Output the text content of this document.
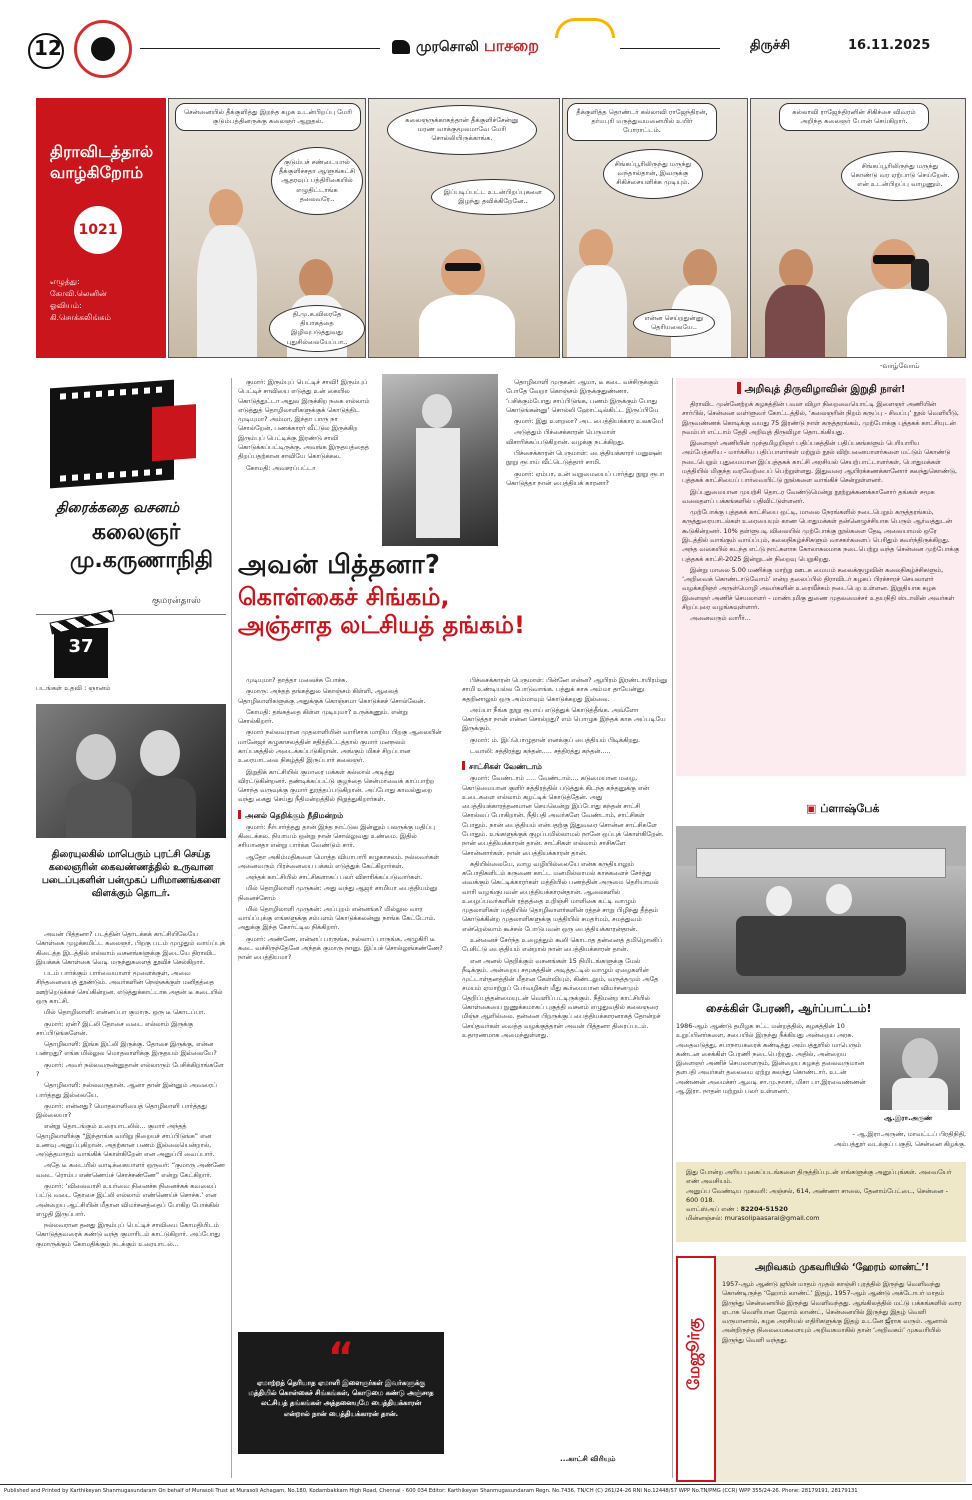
12	முரசொலி பாசறை	திருச்சி	16.11.2025
திராவிடத்தால் வாழ்கிறோம்
1021
எழுத்து:
கோவி.லெனின்
ஓவியம்:
கி.சொக்கலிங்கம்
சென்னையில் தீக்குளித்து இறந்த கழக உடன்பிறப்பு மேரி குடும்பத்தினருக்கு கலைஞர் ஆறுதல்.
குடும்பச் சண்டையால் தீக்குளிச்சதா ஆளுங்கட்சி ஆதரவுப் பத்திரிகையில் எழுதிட்டாங்க தலைவரே..
தி.மு.க.விலரதே தியாகத்தை இழிவுபடுத்துவது புதுசில்லையேப்பா..
கலைஞருக்காகத்தான் தீக்குளிச்சேன்னு மரண வாக்குமூலமாவே மேரி சொல்லியிருக்காங்க.
இப்படிப்பட்ட உடன்பிறப்புகளை இழந்து தவிக்கிறேனே..
தீக்குளித்த தொண்டர் கல்லாவி ராஜேந்திரன், தர்மபுரி மருத்துவமனையில் உயிர் போராட்டம்.
சிங்கப்பூரிலிருந்து மருந்து வந்தால்தான், இவருக்கு சிகிச்சையளிக்க முடியும்.
என்ன செய்றதுன்னு தெரியலையே..
கல்லாவி ராஜேந்திரனின் சிகிச்சை விவரம் அறிந்த கலைஞர் போன் செய்கிறார்.
சிங்கப்பூரிலிருந்து மருந்து கொண்டு வர ஏற்பாடு செய்றேன். என் உடன்பிறப்பு வாழணும்.
-வாழ்வோம்
திரைக்கதை வசனம்
கலைஞர்
மு.கருணாநிதி
குமரன்தாஸ்
37
படங்கள் உதவி : ஞானம்
திரையுலகில் மாபெரும் புரட்சி செய்த கலைஞரின் கைவண்ணத்தில் உருவான படைப்புகளின் பன்முகப் பரிமாணங்களை விளக்கும் தொடர்.

அவன் பித்தனா? படத்தின் தொடக்கக் காட்சியிலேயே கொள்கை முழக்கமிட்ட கலைஞர், பிறகு படம் முழுதும் வாய்ப்புக் கிடைத்த இடத்தில் எல்லாம் வசனங்களுக்கு இடையே திராவிட இயக்கக் கொள்கை வெடி மருந்துகளைத் தூவிச் செல்கிறார்.

படம் பார்க்கும் பார்வையாளர் மூளைக்குள், அவை சிந்தனையைத் தூண்டும். அவர்களின் நெஞ்சுக்குள் மனிதத்தை ஊற்றெடுக்கச் செய்கின்றன. எடுத்துக்காட்டாக அதன் டீ கடையில் ஒரு காட்சி.

மில் தொழிலாளி: என்னப்பா குமாரு. ஒரு டீ கொடப்பா.

குமார்: ஏன்? இட்லி தோசை வடை எல்லாம் இருக்கு சாப்பிடுங்களேன்.

தொழிலாளி: இங்க இட்லி இருக்கு. தோசை இருக்கு, என்ன பண்றது? எங்க மில்லுல மொதலாளிக்கு இருதயம் இல்லையே?

குமார்: அவர் நல்லவருன்னுதான் எல்லாரும் பேசிக்கிறாங்களே ?

தொழிலாளி: நல்லவருதான். ஆனா தான் இன்னும் அவரைப் பார்த்தது இல்லையே.

குமார்: என்னது? மொதலாளியைத் தொழிலாளி பார்த்தது இல்லையா?

என்று தொடங்கும் உரையாடலில்... குமார் அந்தத் தொழிலாளிக்கு “இந்தாங்க வயிறு நிறையச் சாப்பிடுங்க” என உணவு அனுப்புகிறான். அதற்கான பணம் இல்லையென்றால், அடுத்தமாதம் வாங்கிக் கொள்கிறேன் என அனுப்பி வைப்பார்.

அதே டீ கடையில் வாடிக்கையாளர் ஒருவர்: “குமாரு அண்ணே வடை ரொம்ப எண்ணெய்ச் சொச்சண்ணே” என்று கேட்கிறார்.

குமார்: ‘விலைவாசி உயர்வை நினைச்சு நினைச்சுக் கவலைப் பட்டு வடை தோசை இட்லி எல்லாம் எண்ணெய்ச் சொச்சு.’ என அன்றைய ஆட்சியின் மீதான விமர்சனத்தைப் போகிற போக்கில் எழுதி இருப்பார்.

நல்லவரான தனது இரும்புப் பெட்டிச் சாவியை கோமதியிடம் கொடுத்தவரைக் கண்டு வந்த குமாரிடம் காட்டுகிறார். அப்போது குமாருக்கும் கோமதிக்கும் நடக்கும் உரையாடல்...

குமார்: இரும்புப் பெட்டிச் சாவி! இரும்புப் பெட்டிச் சாவியை எடுத்து உன் கையில கொடுத்துட்டா அதுல இருக்கிற நகை எல்லாம் எடுத்துத் தொழிலாளிகளுக்குக் கொடுத்திட முடியுமா? அம்மா, இந்தா பாரு நா சொல்றேன், பணக்காரர் வீட்டுல இருக்கிற இரும்புப் பெட்டிக்கு இரண்டு சாவி கொடுக்கப்பட்டிருக்கு. அவங்க இருதயத்தைத் திறப்பதற்கான சாவியே கொடுக்கல.

கோமதி: அவசரப்பட்டா

தொழிலாளி முருகன்: ஆமா, டீ கடை வச்சிருக்கும் போதே வேறா கொஞ்சம் இருக்குதுண்ணா. ‘பசிக்கும்போது சாப்பிடுங்க, பணம் இருக்கும் போது கொடுங்கன்னு’ சொல்லி ஹோட்டில்கிட்ட இருப்பியே

குமார்: இது உளறலா? அட பைத்தியக்கார உலகமே!

அடுத்தும் பிச்சைக்காரன் பெருமாள் விசாரிக்கப்படுகிறான். வழக்கு நடக்கிறது.

பிச்சைக்காரன் பெருமாள்: பைத்தியக்காரர் மனுஷன் நூறு ரூபாய் வீட்டெடுத்தார் சாமி.

குமார்: ஏம்பா, உன் வறுமையைப் பார்த்து நூறு ரூபா கொடுத்தா நான் பைத்தியக் காரனா?

அவன் பித்தனா?
கொள்கைச் சிங்கம்,
அஞ்சாத லட்சியத் தங்கம்!

முடியுமா? தாத்தா மலைச்சு போச்சு.

குமாரு: அந்தத் தங்கத்துல கொஞ்சம் கிள்ளி, ஆலைத் தொழிலாளிகளுக்கு அதுக்குக் கொஞ்சமா கொடுக்கச் சொல்லேன்.

கோமதி: தங்கத்தை கிள்ள முடியுமா? உருக்கணும். என்று சொல்கிறார்.

குமார் நல்லவரான முதலாளியின் வாரிசாக மாறிய பிறகு ஆலையின் மானேஜர் கழுகாசலத்தின் சதித்திட்டத்தால் குமார் மனநலம் காப்பகத்தில் அடைக்கப்படுகிறான். அங்கும் மிகச் சிறப்பான உரையாடலை நிகழ்த்தி இருப்பார் கலைஞர்.

இறுதிக் காட்சியில் குமாரை மக்கள் கல்லால் அடித்து விரட்டுகின்றனர். தண்டிக்கப்பட்டு குழந்தை சென்மாவைக் காப்பாற்ற சொந்த வருவுக்கு குமார் துரத்தப்படுகிறான். அப்போது காவல்துறை வந்து கைது செய்து நீதிமன்றத்தில் நிறுத்துகிறார்கள்.

அனல் தெறிக்கும் நீதிமன்றம்

குமார்: நீர்பார்த்தது தான் இந்த நாட்டுல இன்னும் பலருக்கு மதிப்பு கிடைக்கல. நியாயம் ஒன்று நான் சொல்லுவது உண்மை. இதில் சரியானதா என்று பார்க்க வேண்டும் சார்.

ஆதோ அகிம்மதிகளை மொத்த வியாபாரி கழுகாசலம். நல்லவர்கள் அனைவரும் பிரச்னையை பக்கம் எடுத்துக் கேட்கிறார்கள்.

அந்தக் காட்சியில் சாட்சிகளாகப் பலர் விசாரிக்கப்படுவார்கள்.

மில் தொழிலாளி முருகன்: அது வந்து ஆஜர் சாமியா பைத்தியம்னு நினைச்சோம்

மில் தொழிலாளி முருகன்: அப்புறம் என்னங்க? மில்லுல வார வாய்ப்புக்கு எங்களுக்கு சம்பளம் கொடுக்கலன்னு நாங்க கேட்டோம். அதுக்கு இந்த கோர்ட்டில நிக்கிறார்.

குமார்: அண்ணே, என்னப் பாருங்க, நல்லாப் பாருங்க, அழுகிரி டீ கடை வச்சிருந்தேனே அந்தக் குமாரு நானு. இப்பச் சொல்லுங்கண்ணே? நான் பைத்தியமா?

பிச்சைக்காரன் பெருமாள்: பின்னே என்ன? ஆயிரம் இரண்டாயிரம்னு சாமி உண்டியல்ல போடுவாங்க. பத்துக் காசு அம்மா தாயேன்னு கதறினாலும் ஒரு அம்மாவும் கொடுக்கறது இல்லை.

அய்யா நீங்க நூறு ரூபாய் எடுத்துக் கொடுத்தீங்க. அவ்ளோ கொடுத்தா நான் என்ன சொல்றது? எம் பொழுசு இந்தக் காசு அப்படியே இருக்கும்.

குமார்: ம். இப்பொழுதான் எனக்குப் பைத்தியம் பிடிக்கிறது.

டவாலி: சத்திரத்து கந்தன்..... சத்திரத்து கந்தன்.....

சாட்சிகள் வேண்டாம்

குமார்: வேண்டாம் ..... வேண்டாம்.... கடுமையான மழை, கொடுமையான குளிர் சத்திரத்தில் படுத்துக் கிடந்த கந்தனுக்கு என் உடைகளை எல்லாம் கழட்டிக் கொடுத்தேன். அது பைத்தியக்காரத்தனமான செயலென்று இப்போது கந்தன் சாட்சி சொல்லப் போகிறான். நீதிபதி அவர்களே வேண்டாம், சாட்சிகள் போதும். நான் பைத்தியம் என்பதற்கு இதுவரை சொன்ன சாட்சிகளே போதும். உங்களுக்குக் குழப்பமில்லாமல் நானே ஒப்புக் கொள்கிறேன். நான் பைத்தியக்காரன் தான். சாட்சிகள் எல்லாம் சாசிகளே சொன்னார்கள். நான் பைத்தியக்காரன் தான்.

கதியில்லையே, வாழ வழியில்லையே என்க கருதியாலும் கபோதிகளிடம் கருணை காட்ட மனமில்லாமல் காசுகளைச் சேர்த்து வைக்கும் கெட்டிக்காரர்கள் மத்தியில் பணத்தின் அருமை தெரியாமல் வாரி வழங்குபவன் பைத்தியக்காரன்தான். ஆலைகளில் உழைப்பவர்களின் ரத்தத்தை உறிஞ்சி மாளிகை கட்டி வாழும் முதலாளிகள் மத்தியில் தொழிலாளர்களின் ரத்தச் சாறு பிழிந்து தீத்தம் கொடுக்கின்ற முதலாளிகளுக்கு மத்தியில் சமதர்மம், சமத்துவம் என்றெல்லாம் கூச்சல் போடுபவன் ஒரு பைத்தியக்காரன்தான்.

உன்னைச் சேர்ந்த உழைத்தும் கூலி கொடாத தன்னைத் தமிழொனிப் பேசிட்டு பைத்தியம் என்றால் நான் பைத்தியக்காரன் தான்.

என அனல் தெறிக்கும் வசனங்கள் 15 நிமிடங்களுக்கு மேல் நீடிக்கும். அன்றைய சமூகத்தின் அடித்தட்டில் வாழும் ஏழைகளின் முட்டாள்தனத்தின் மீதான கேள்வியும், கிண்டலும், வருத்தமும் அதே சமயம் ஏமாற்றுப் பேர்வழிகள் மீது கூர்மையான விமர்சனமும் தெறிப்புத்தன்மையுடன் வெளிப்பட்டிருக்கும். நீதிமன்ற காட்சியில் கொள்கையை நுணுக்கமாகப் புகுத்தி வசனம் எழுதுவதில் கலைஞரை மிஞ்ச ஆளில்லை. தன்னை பிறருக்குப் பைத்தியக்காரனாகத் தோன்றச் செய்தவர்கள் வைத்த வழக்குத்தான் அவன் பித்தனா திரைப்படம். உதாரணமாக அமைந்துள்ளது.

“
ஏமாற்றத் தெரியாத ஏமாளி இளைஞர்கள் இவர்களுக்கு மத்தியில் கொள்கைச் சிங்கங்கள், கொடுமை கண்டு அஞ்சாத லட்சியத் தங்கங்கள் அத்தனையுமே பைத்தியக்காரன் என்றால் நான் பைத்தியக்காரன் தான்.
...காட்சி விரியும்
அறிவுத் திருவிழாவின் இறுதி நாள்!

திராவிட முன்னேற்றக் கழகத்தின் பவள விழா நிறைவையொட்டி இளைஞர் அணியின் சார்பில், சென்னை வள்ளுவர் கோட்டத்தில், ‘கலைஞரின் நிறம் கருப்பு - சிவப்பு’ நூல் வெளியீடு, இருவண்ணக் கொடிக்கு வயது 75 இரண்டு நாள் கருத்தரங்கம், முற்போக்கு புத்தகக் காட்சியுடன் நவம்பர் எட்டாம் தேதி அறிவுத் திருவிழா தொடங்கியது.

இளைஞர் அணியின் முந்தமிழறிஞர் பதிப்பகத்தின் பதிப்பகங்களும் பெரியாரிய அம்பேத்கரிய - மார்க்சிய பதிப்பாளர்கள் மற்றும் நூல் விற்பனையாளர்களை மட்டும் கொண்டு நடைபெறும் புதுமையான இப்புத்தகக் காட்சி அரசியல் செயற்பாட்டாளர்கள், பொதுமக்கள் மத்தியில் மிகுந்த வரவேற்பைப் பெற்றுள்ளது. இதுவரை ஆயிரக்கணக்கானோர் கலந்துகொண்டு, புத்தகக் காட்சியைப் பார்வையிட்டு நூல்களை வாங்கிச் சென்றுள்ளனர்.

இப்புதுமையான முயற்சி தொடர வேண்டுமென்று நூற்றுக்கணக்கானோர் தங்கள் சமூக வலைதளப் பக்கங்களில் பதிவிட்டுள்ளனர்.

முற்போக்கு புத்தகக் காட்சியை ஒட்டி, மாலை நேரங்களில் நடைபெறும் கருத்தரங்கம், கருத்துரையாடல்கள் உரையையும் காண பொதுமக்கள் தன்னெழுச்சியாக பெரும் ஆர்வத்துடன் கூடுகின்றனர். 10% தள்ளுபடி விலையில் முற்போக்கு நூல்களை தேடி அலையாமல் ஒரே இடத்தில் வாங்கும் வாய்ப்பும், கலைநிகழ்ச்சிகளும் வாசகர்களைப் பெரிதும் கவர்ந்திருக்கிறது. அந்த வகையில் கடந்த எட்டு நாட்களாக கோலாகலமாக நடைபெற்று வந்த சென்னை முற்போக்கு புத்தகக் காட்சி-2025 இன்றுடன் நிறைவு பெறுகிறது.

இன்று மாலை 5.00 மணிக்கு மாற்று ஊடக மையம் கலைக்குழுவின் கலைநிகழ்ச்சிகளும், ‘அறிவைக் கொண்டாடுவோம்’ என்ற தலைப்பில் திராவிடர் கழகப் பிரச்சாரச் செயலாளர் வழக்கறிஞர் அருள்மொழி அவர்களின் உரைவீச்சும் நடைபெற உள்ளன. இறுதியாக கழக இளைஞர் அணிச் செயலாளர் - மாண்புமிகு துணை முதலமைச்சர் உதயநிதி ஸ்டாலின் அவர்கள் சிறப்புரை வழங்கவுள்ளார்.

அனைவரும் வாரீர்...

▣ ப்ளாஷ்பேக்
சைக்கிள் பேரணி, ஆர்ப்பாட்டம்!
1986-ஆம் ஆண்டு தமிழக சட்ட மன்றத்தில், கழகத்தின் 10 உறுப்பினர்களை, சபையில் இருந்து நீக்கியது அன்றைய அரசு. அதைவடுத்து, சபாநாயகரைக் கண்டித்து அம்பத்தூரில் மாபெரும் கண்டன சைக்கிள் பேரணி நடைபெற்றது. அதில், அன்றைய இளைஞர் அணிச் செயலாளரும், இன்றைய கழகத் தலைவருமான தளபதி அவர்கள் தலைமை ஏற்று கலந்து கொண்டார். உடன் அண்ணன் அமைச்சர் ஆவடி சா.மு.நாசர், மிசா பா.இரவைண்ணன் ஆ.இரா. நாதன் மற்றும் பலர் உள்ளனர்.
ஆ.இரா.அருண்
– ஆ.இரா.அருண், மாவட்டப் பிரதிநிதி,
அம்பத்தூர் வடக்குப் பகுதி, சென்னை கிழக்கு.
இது போன்ற அரிய புகைப்படங்களை திருத்திப்புடன் எங்களுக்கு அனுப்புங்கள். அவையேர் எண் அவசியம்.
அனுப்ப வேண்டிய முகவரி: அஞ்சல், 614, அண்ணா சாலை, தேனாம்பேட்டை, சென்னை - 600 018.
வாட்ஸ்அப் எண் : 82204-51520
மின்னஞ்சல்: murasolipaasarai@gmail.com
மேஜூர்கு
அறிவகம் முகவரியில் ‘ஹேரம் லாண்ட்’!
1957-ஆம் ஆண்டு ஜூன் மாதம் முதல் காஞ்சி புரத்தில் இருந்து வெளிவந்து கொண்டிருந்த ‘ஹோம் லாண்ட்’ இதழ், 1957-ஆம் ஆண்டு அக்டோபர் மாதம் இருந்து சென்னையில் இருந்து வெளிவந்தது. ஆங்கிலத்தில் மட்டு பக்கங்களில் வார ஏடாக வெளியான ஹோம் லாண்ட், சென்னையில் இருந்து இதழ் வெளி வருமானால், கழக அரசியல் எதிரிகளுக்கு இதழ் உடனே ஜீராக வரும். ஆனால் அன்றிருந்த நிலைமைகளையும் அறிவகமாகில் தான் ‘அறிவகம்’ முகவரியில் இருந்து வெளி வந்தது.
Published and Printed by Karthikeyan Shanmugasundaram On behalf of Murasoli Trust at Murasoli Achagam, No.180, Kodambakkam High Road, Chennai - 600 034 Editor: Karthikeyan Shanmugasundaram Regn. No.7436, TN/CH (C) 261/24-26 RNI No.12448/57 WPP No.TN/PMG (CCR) WPP 355/24-26. Phone: 28179191, 28179131
